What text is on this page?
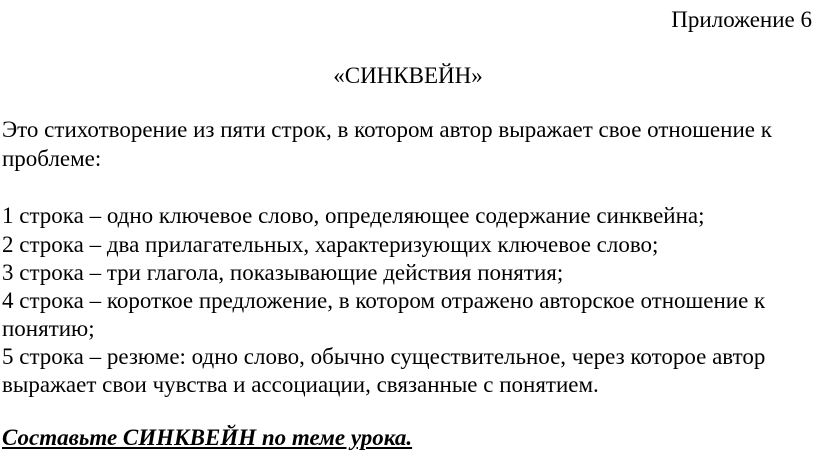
Приложение 6
«СИНКВЕЙН»
Это стихотворение из пяти строк, в котором автор выражает свое отношение к
проблеме:
1 строка – одно ключевое слово, определяющее содержание синквейна;
2 строка – два прилагательных, характеризующих ключевое слово;
3 строка – три глагола, показывающие действия понятия;
4 строка – короткое предложение, в котором отражено авторское отношение к
понятию;
5 строка – резюме: одно слово, обычно существительное, через которое автор
выражает свои чувства и ассоциации, связанные с понятием.
Составьте СИНКВЕЙН по теме урока.
